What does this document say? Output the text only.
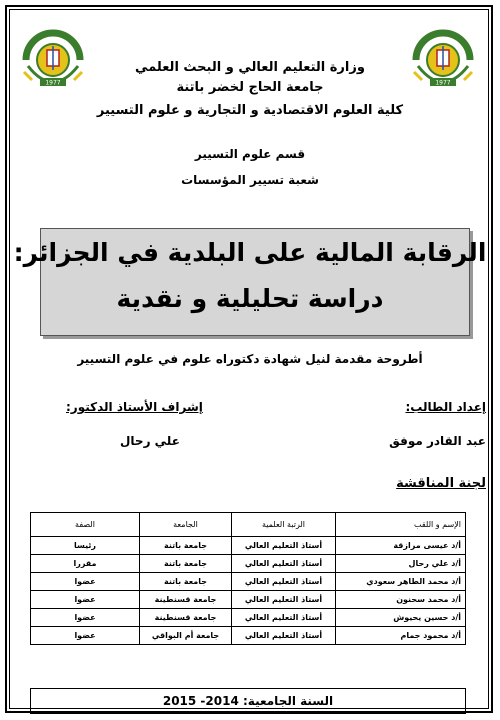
1977	1977
وزارة التعليم العالي و البحث العلمي
جامعة الحاج لخضر باتنة
كلية العلوم الاقتصادية و التجارية و علوم التسيير
قسم علوم التسيير
شعبة تسيير المؤسسات
الرقابة المالية على البلدية في الجزائر:
دراسة تحليلية و نقدية
أطروحة مقدمة لنيل شهادة دكتوراه علوم في علوم التسيير
إعداد الطالب:
عبد القادر موفق
إشراف الأستاذ الدكتور:
علي رحال
لجنة المناقشة
الإسم و اللقب	الرتبة العلمية	الجامعة	الصفة
أ/د عيسى مرازقة	أستاذ التعليم العالي	جامعة باتنة	رئيسا
أ/د علي رحال	أستاذ التعليم العالي	جامعة باتنة	مقررا
أ/د محمد الطاهر سعودي	أستاذ التعليم العالي	جامعة باتنة	عضوا
أ/د محمد سحنون	أستاذ التعليم العالي	جامعة قسنطينة	عضوا
أ/د حسين يحيوش	أستاذ التعليم العالي	جامعة قسنطينة	عضوا
أ/د محمود جمام	أستاذ التعليم العالي	جامعة أم البواقي	عضوا
السنة الجامعية: 2014- 2015
